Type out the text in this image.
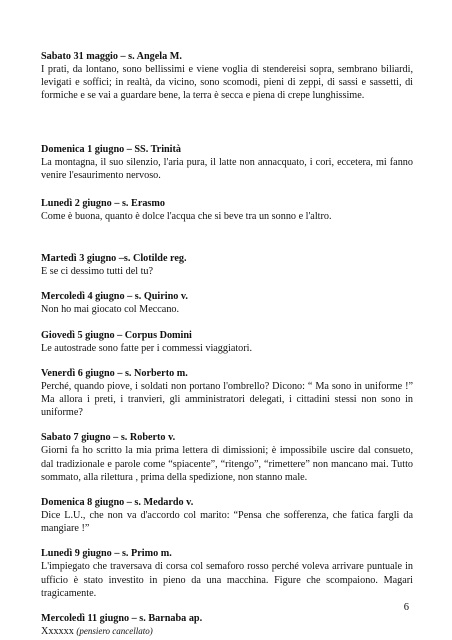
Sabato 31 maggio – s. Angela M.

I prati, da lontano, sono bellissimi e viene voglia di stendereisi sopra, sembrano biliardi, levigati e soffici; in realtà, da vicino, sono scomodi, pieni di zeppi, di sassi e sassetti, di formiche e se vai a guardare bene, la terra è secca e piena di crepe lunghissime.

Domenica 1 giugno – SS. Trinità

La montagna, il suo silenzio, l'aria pura, il latte non annacquato, i cori, eccetera, mi fanno venire l'esaurimento nervoso.

Lunedì 2 giugno – s. Erasmo

Come è buona, quanto è dolce l'acqua che si beve tra un sonno e l'altro.

Martedì 3 giugno –s. Clotilde reg.

E se ci dessimo tutti del tu?

Mercoledì 4 giugno – s. Quirino v.

Non ho mai giocato col Meccano.

Giovedì 5 giugno – Corpus Domini

Le autostrade sono fatte per i commessi viaggiatori.

Venerdì 6 giugno – s. Norberto m.

Perché, quando piove, i soldati non portano l'ombrello? Dicono: “ Ma sono in uniforme !” Ma allora i preti, i tranvieri, gli amministratori delegati, i cittadini stessi non sono in uniforme?

Sabato 7 giugno – s. Roberto v.

Giorni fa ho scritto la mia prima lettera di dimissioni; è impossibile uscire dal consueto, dal tradizionale e parole come “spiacente”, “ritengo”, “rimettere” non mancano mai. Tutto sommato, alla rilettura , prima della spedizione, non stanno male.

Domenica 8 giugno – s. Medardo v.

Dice L.U., che non va d'accordo col marito: “Pensa che sofferenza, che fatica fargli da mangiare !”

Lunedì 9 giugno – s. Primo m.

L'impiegato che traversava di corsa col semaforo rosso perché voleva arrivare puntuale in ufficio è stato investito in pieno da una macchina. Figure che scompaiono. Magari tragicamente.

Mercoledì 11 giugno – s. Barnaba ap.

Xxxxxx (pensiero cancellato)

6
